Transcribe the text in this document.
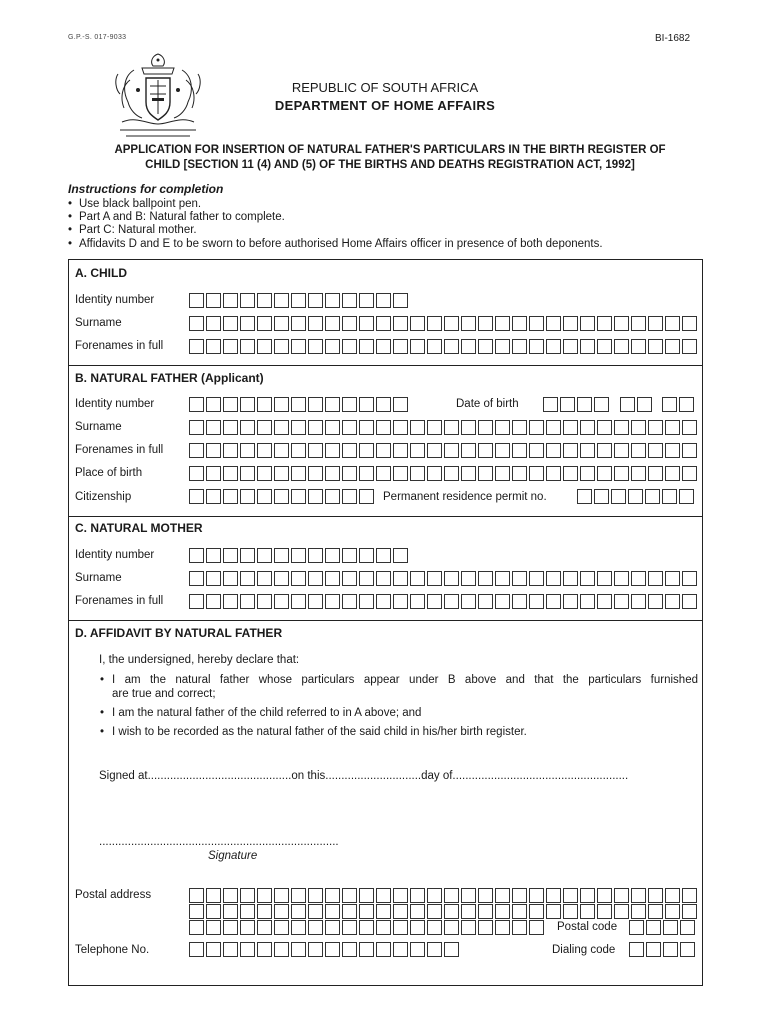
G.P.-S. 017-9033	BI-1682
REPUBLIC OF SOUTH AFRICA
DEPARTMENT OF HOME AFFAIRS
APPLICATION FOR INSERTION OF NATURAL FATHER'S PARTICULARS IN THE BIRTH REGISTER OF
CHILD [SECTION 11 (4) AND (5) OF THE BIRTHS AND DEATHS REGISTRATION ACT, 1992]
Instructions for completion
• Use black ballpoint pen.
• Part A and B: Natural father to complete.
• Part C: Natural mother.
• Affidavits D and E to be sworn to before authorised Home Affairs officer in presence of both deponents.
A. CHILD
Identity number
Surname
Forenames in full
B. NATURAL FATHER (Applicant)
Identity number	Date of birth
Surname
Forenames in full
Place of birth
Citizenship	Permanent residence permit no.
C. NATURAL MOTHER
Identity number
Surname
Forenames in full
D. AFFIDAVIT BY NATURAL FATHER
I, the undersigned, hereby declare that:
• I am the natural father whose particulars appear under B above and that the particulars furnished
are true and correct;
• I am the natural father of the child referred to in A above; and
• I wish to be recorded as the natural father of the said child in his/her birth register.
Signed at.............................................on this..............................day of.......................................................
...........................................................................
Signature
Postal address
Postal code
Telephone No.	Dialing code
